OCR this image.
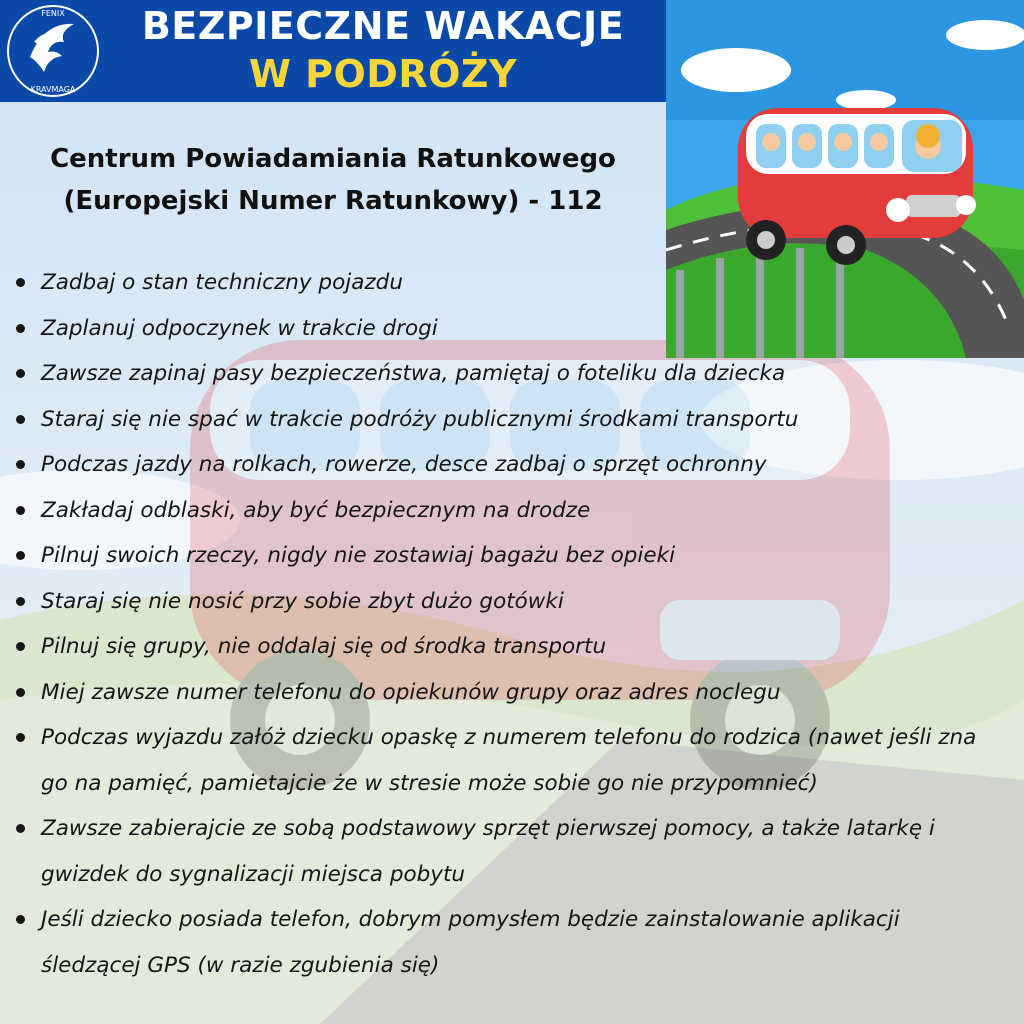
FENIX
KRAVMAGA
BEZPIECZNE WAKACJE
W PODRÓŻY
Centrum Powiadamiania Ratunkowego
(Europejski Numer Ratunkowy) - 112
Zadbaj o stan techniczny pojazdu
Zaplanuj odpoczynek w trakcie drogi
Zawsze zapinaj pasy bezpieczeństwa, pamiętaj o foteliku dla dziecka
Staraj się nie spać w trakcie podróży publicznymi środkami transportu
Podczas jazdy na rolkach, rowerze, desce zadbaj o sprzęt ochronny
Zakładaj odblaski, aby być bezpiecznym na drodze
Pilnuj swoich rzeczy, nigdy nie zostawiaj bagażu bez opieki
Staraj się nie nosić przy sobie zbyt dużo gotówki
Pilnuj się grupy, nie oddalaj się od środka transportu
Miej zawsze numer telefonu do opiekunów grupy oraz adres noclegu
Podczas wyjazdu załóż dziecku opaskę z numerem telefonu do rodzica (nawet jeśli zna go na pamięć, pamietajcie że w stresie może sobie go nie przypomnieć)
Zawsze zabierajcie ze sobą podstawowy sprzęt pierwszej pomocy, a także latarkę i gwizdek do sygnalizacji miejsca pobytu
Jeśli dziecko posiada telefon, dobrym pomysłem będzie zainstalowanie aplikacji śledzącej GPS (w razie zgubienia się)
